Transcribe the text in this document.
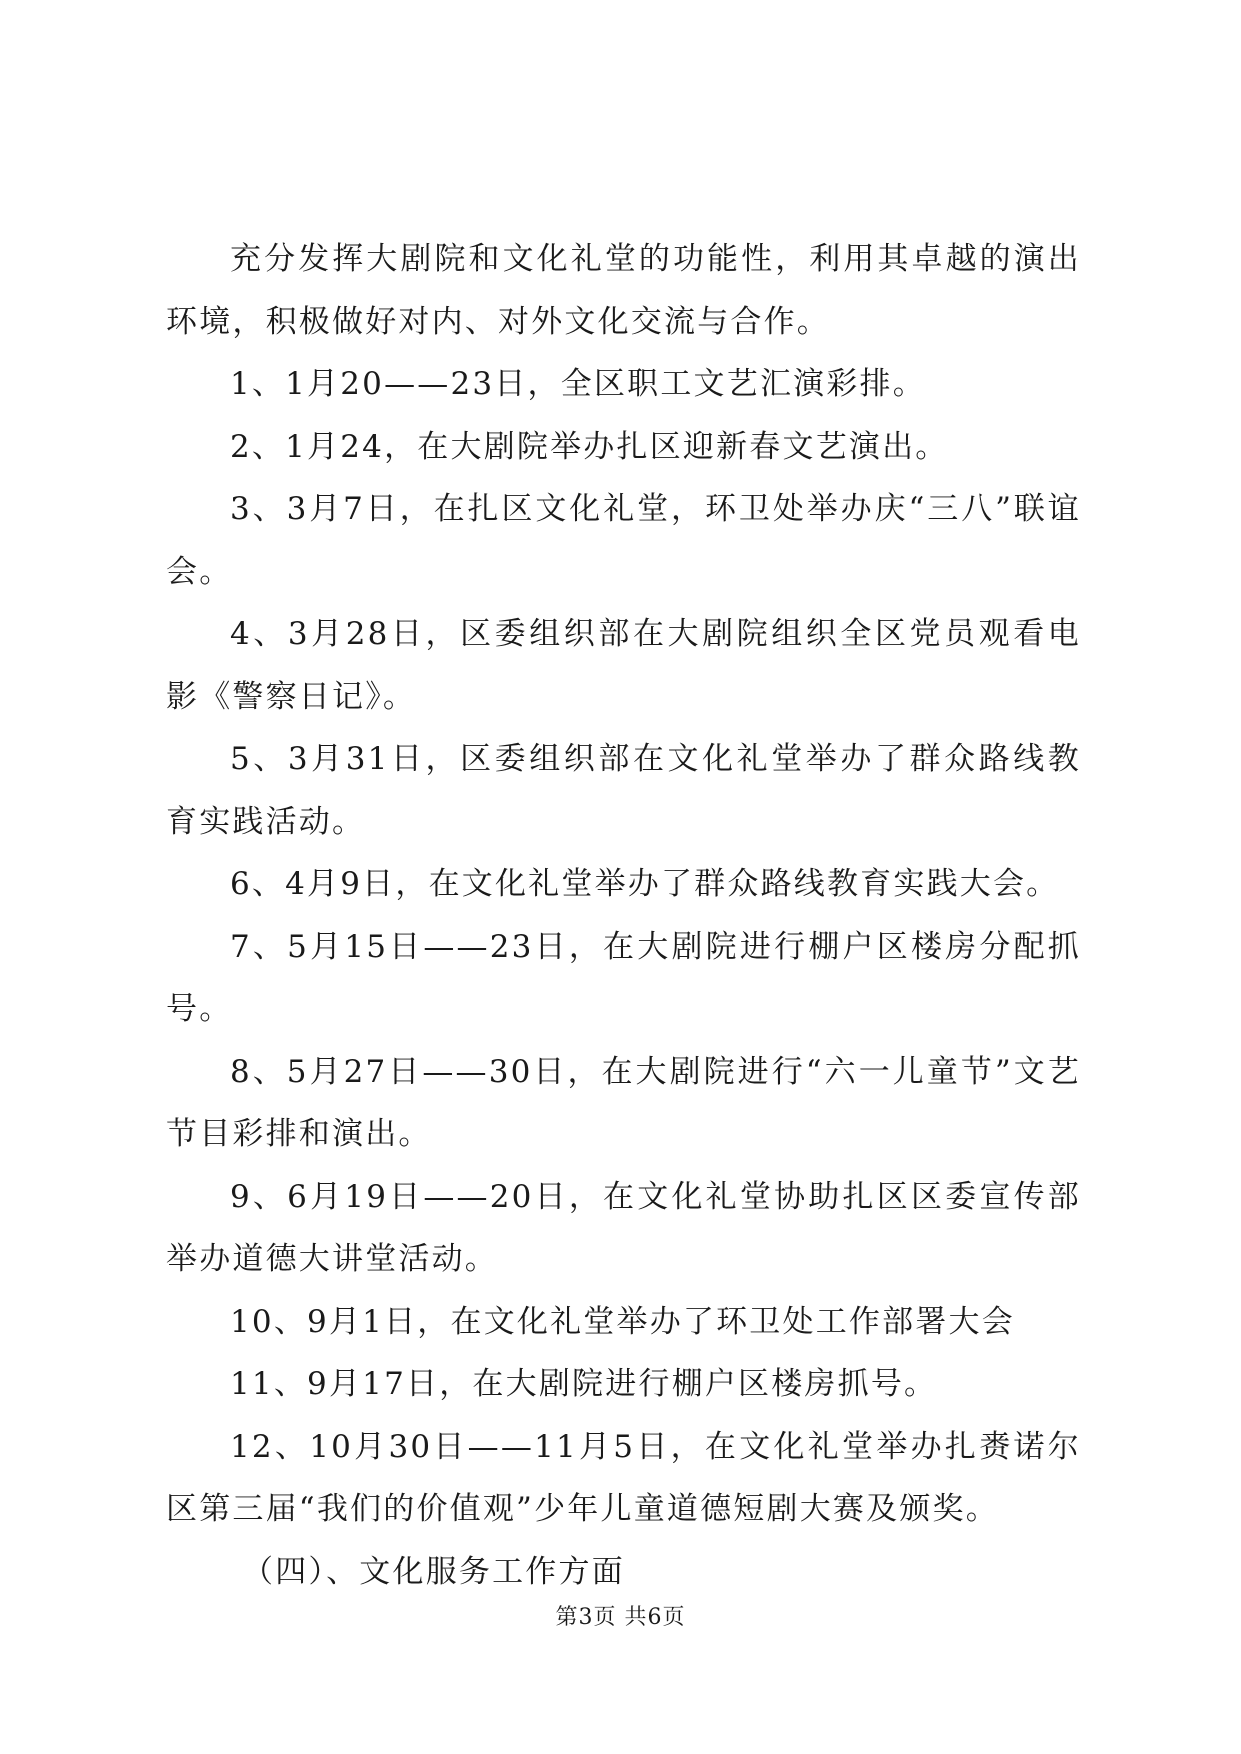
充分发挥大剧院和文化礼堂的功能性，利用其卓越的演出环境，积极做好对内、对外文化交流与合作。

1、1月20——23日，全区职工文艺汇演彩排。

2、1月24，在大剧院举办扎区迎新春文艺演出。

3、3月7日，在扎区文化礼堂，环卫处举办庆“三八”联谊会。

4、3月28日，区委组织部在大剧院组织全区党员观看电影《警察日记》。

5、3月31日，区委组织部在文化礼堂举办了群众路线教育实践活动。

6、4月9日，在文化礼堂举办了群众路线教育实践大会。

7、5月15日——23日，在大剧院进行棚户区楼房分配抓号。

8、5月27日——30日，在大剧院进行“六一儿童节”文艺节目彩排和演出。

9、6月19日——20日，在文化礼堂协助扎区区委宣传部举办道德大讲堂活动。

10、9月1日，在文化礼堂举办了环卫处工作部署大会

11、9月17日，在大剧院进行棚户区楼房抓号。

12、10月30日——11月5日，在文化礼堂举办扎赉诺尔区第三届“我们的价值观”少年儿童道德短剧大赛及颁奖。

（四）、文化服务工作方面

第3页 共6页
